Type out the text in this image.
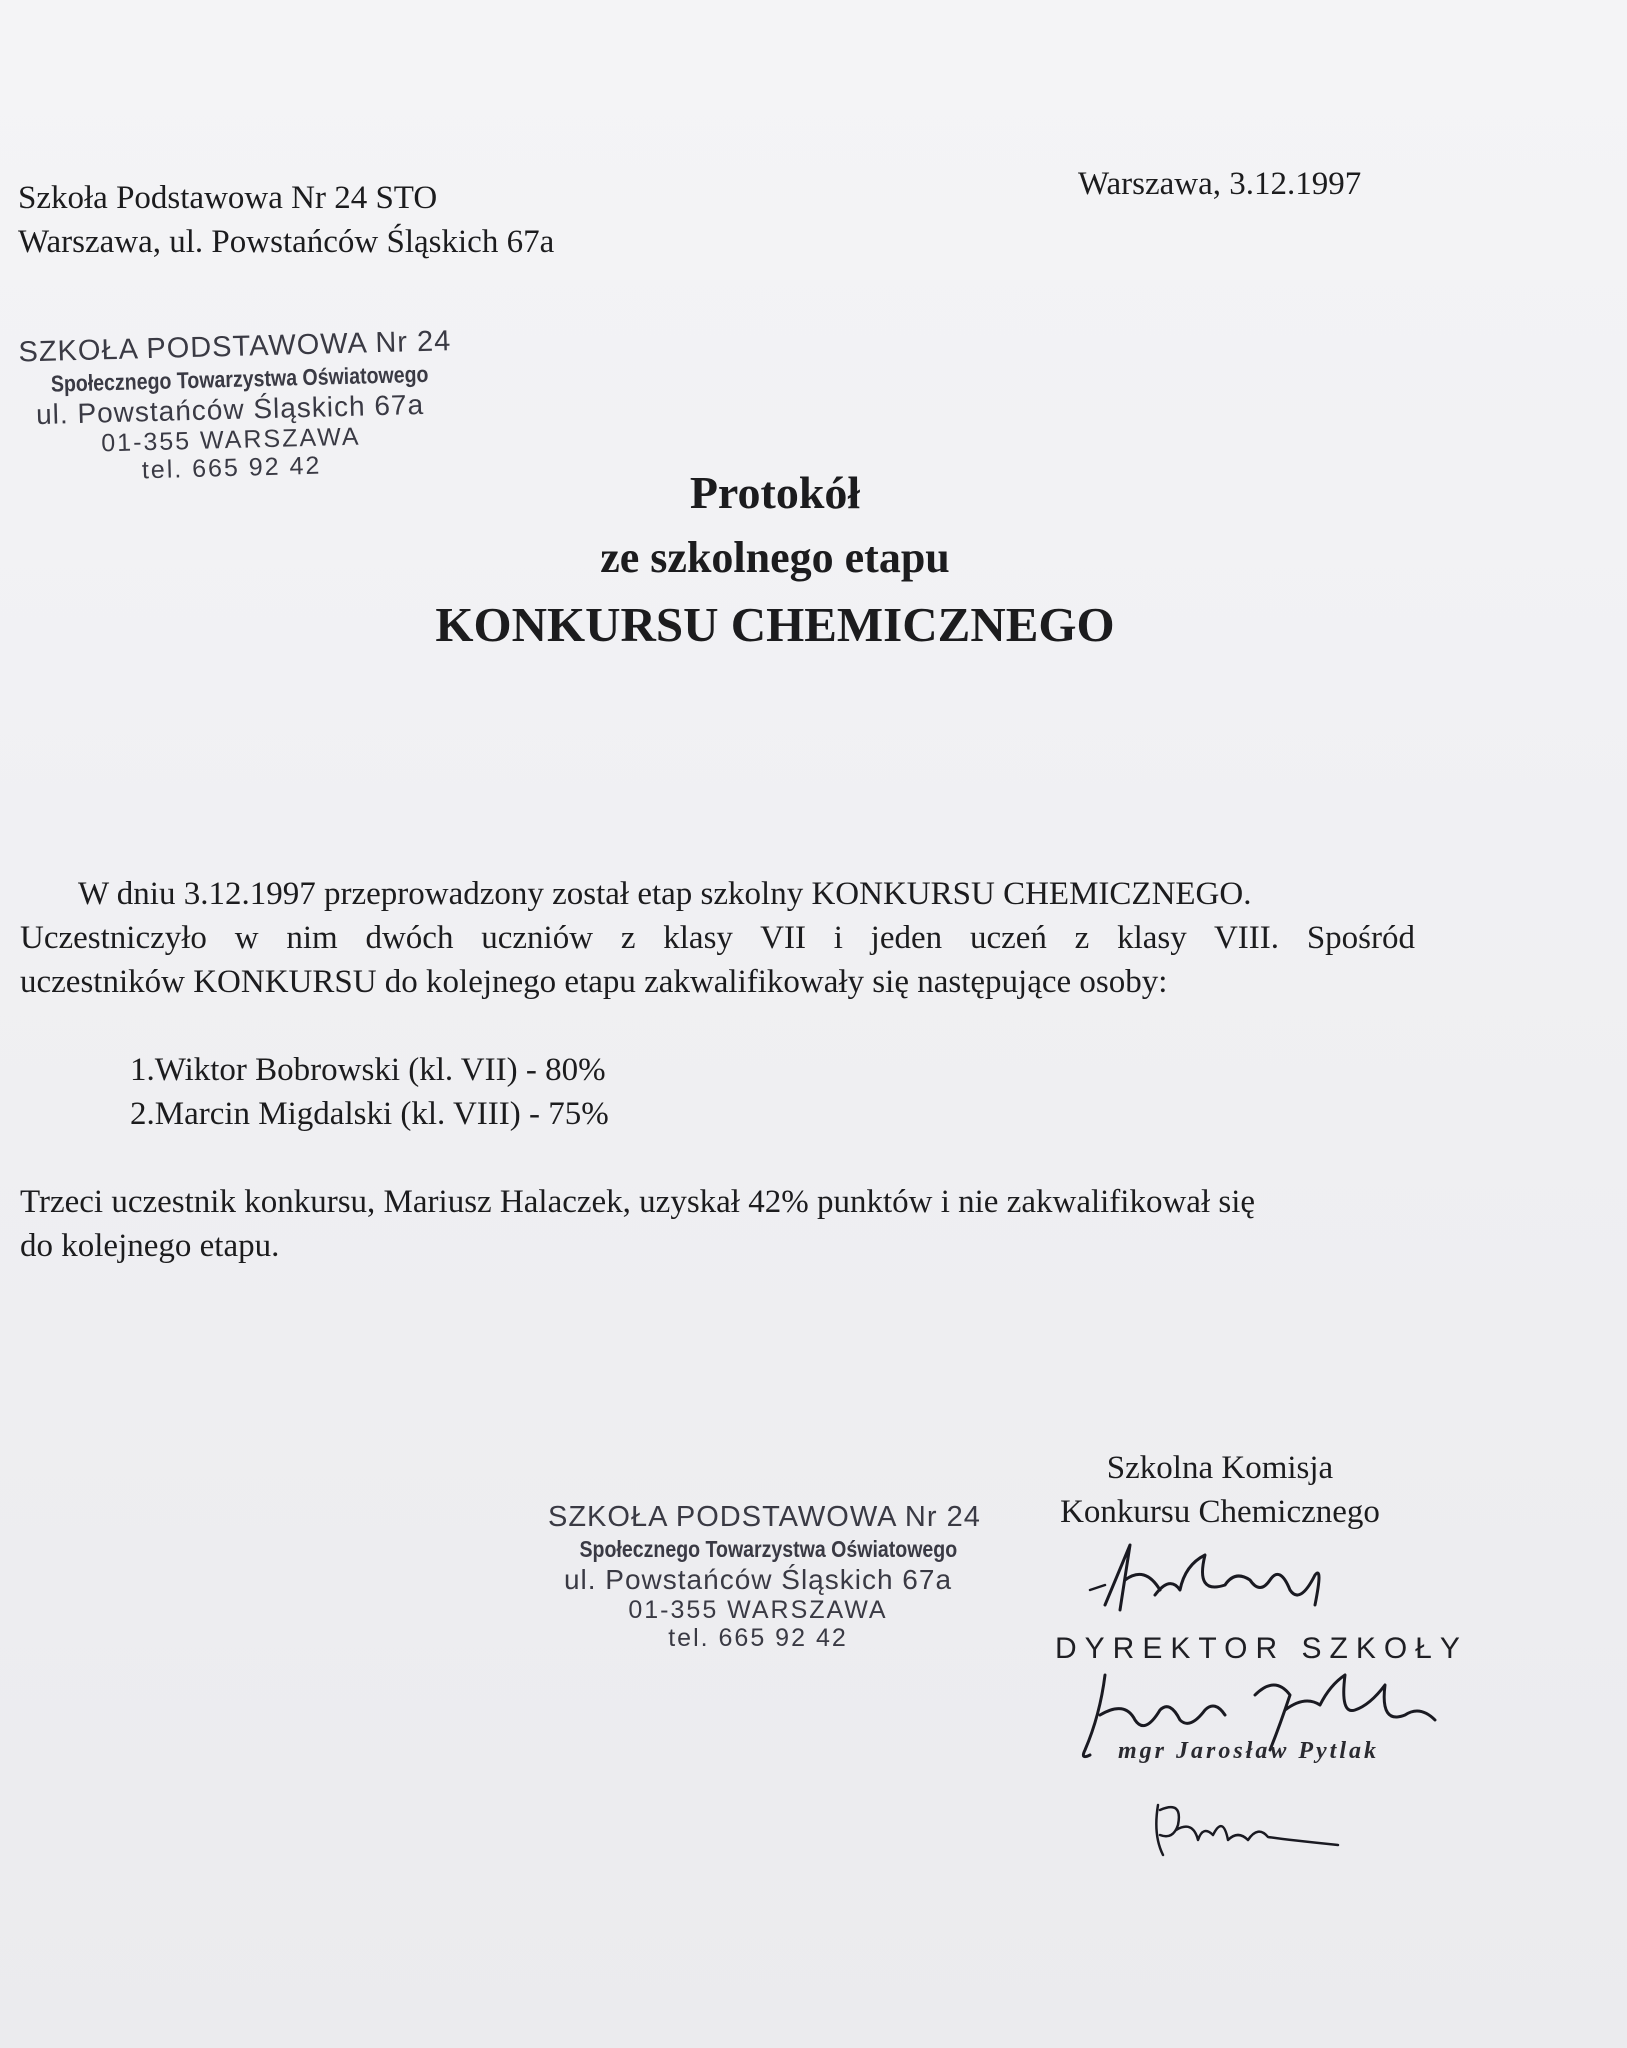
Szkoła Podstawowa Nr 24 STO
Warszawa, ul. Powstańców Śląskich 67a
Warszawa, 3.12.1997
SZKOŁA PODSTAWOWA Nr 24
Społecznego Towarzystwa Oświatowego
ul. Powstańców Śląskich 67a
01-355 WARSZAWA
tel. 665 92 42	Protokół
ze szkolnego etapu
KONKURSU CHEMICZNEGO
W dniu 3.12.1997 przeprowadzony został etap szkolny KONKURSU CHEMICZNEGO.
Uczestniczyło w nim dwóch uczniów z klasy VII i jeden uczeń z klasy VIII. Spośród
uczestników KONKURSU do kolejnego etapu zakwalifikowały się następujące osoby:
1.Wiktor Bobrowski (kl. VII) - 80%
2.Marcin Migdalski (kl. VIII) - 75%
Trzeci uczestnik konkursu, Mariusz Halaczek, uzyskał 42% punktów i nie zakwalifikował się
do kolejnego etapu.
SZKOŁA PODSTAWOWA Nr 24
Społecznego Towarzystwa Oświatowego
ul. Powstańców Śląskich 67a
01-355 WARSZAWA
tel. 665 92 42
Szkolna Komisja
Konkursu Chemicznego
DYREKTOR SZKOŁY
mgr Jarosław Pytlak
